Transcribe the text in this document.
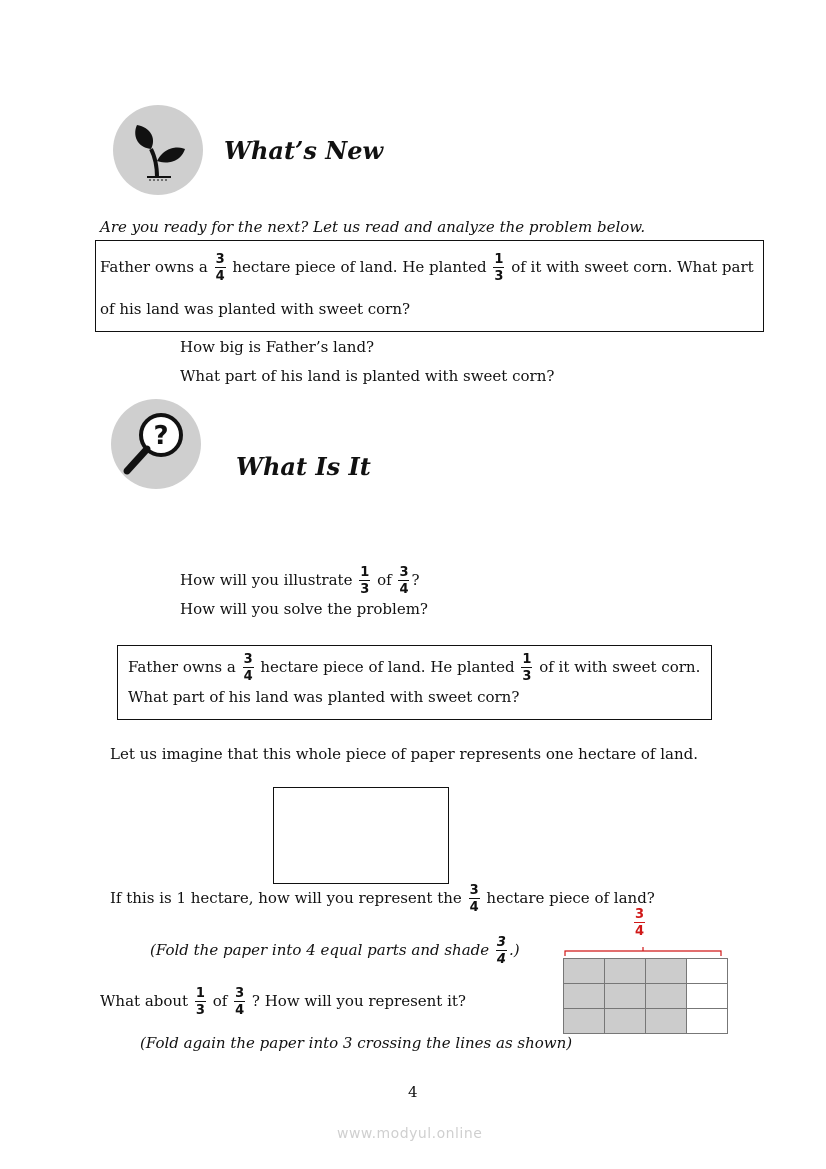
What’s New
Are you ready for the next? Let us read and analyze the problem below.
Father owns a $\frac{3}{4}$ hectare piece of land. He planted $\frac{1}{3}$ of it with sweet corn. What part
of his land was planted with sweet corn?
How big is Father’s land?
What part of his land is planted with sweet corn?
?
What Is It
How will you illustrate $\frac{1}{3}$ of $\frac{3}{4}$ ?
How will you solve the problem?
Father owns a $\frac{3}{4}$ hectare piece of land. He planted $\frac{1}{3}$ of it with sweet corn.
What part of his land was planted with sweet corn?
Let us imagine that this whole piece of paper represents one hectare of land.
If this is 1 hectare, how will you represent the $\frac{3}{4}$ hectare piece of land?
(Fold the paper into 4 equal parts and shade $\frac{3}{4}$ .)
What about $\frac{1}{3}$ of $\frac{3}{4}$ ? How will you represent it?
(Fold again the paper into 3 crossing the lines as shown)
$\frac{3}{4}$
4
www.modyul.online
